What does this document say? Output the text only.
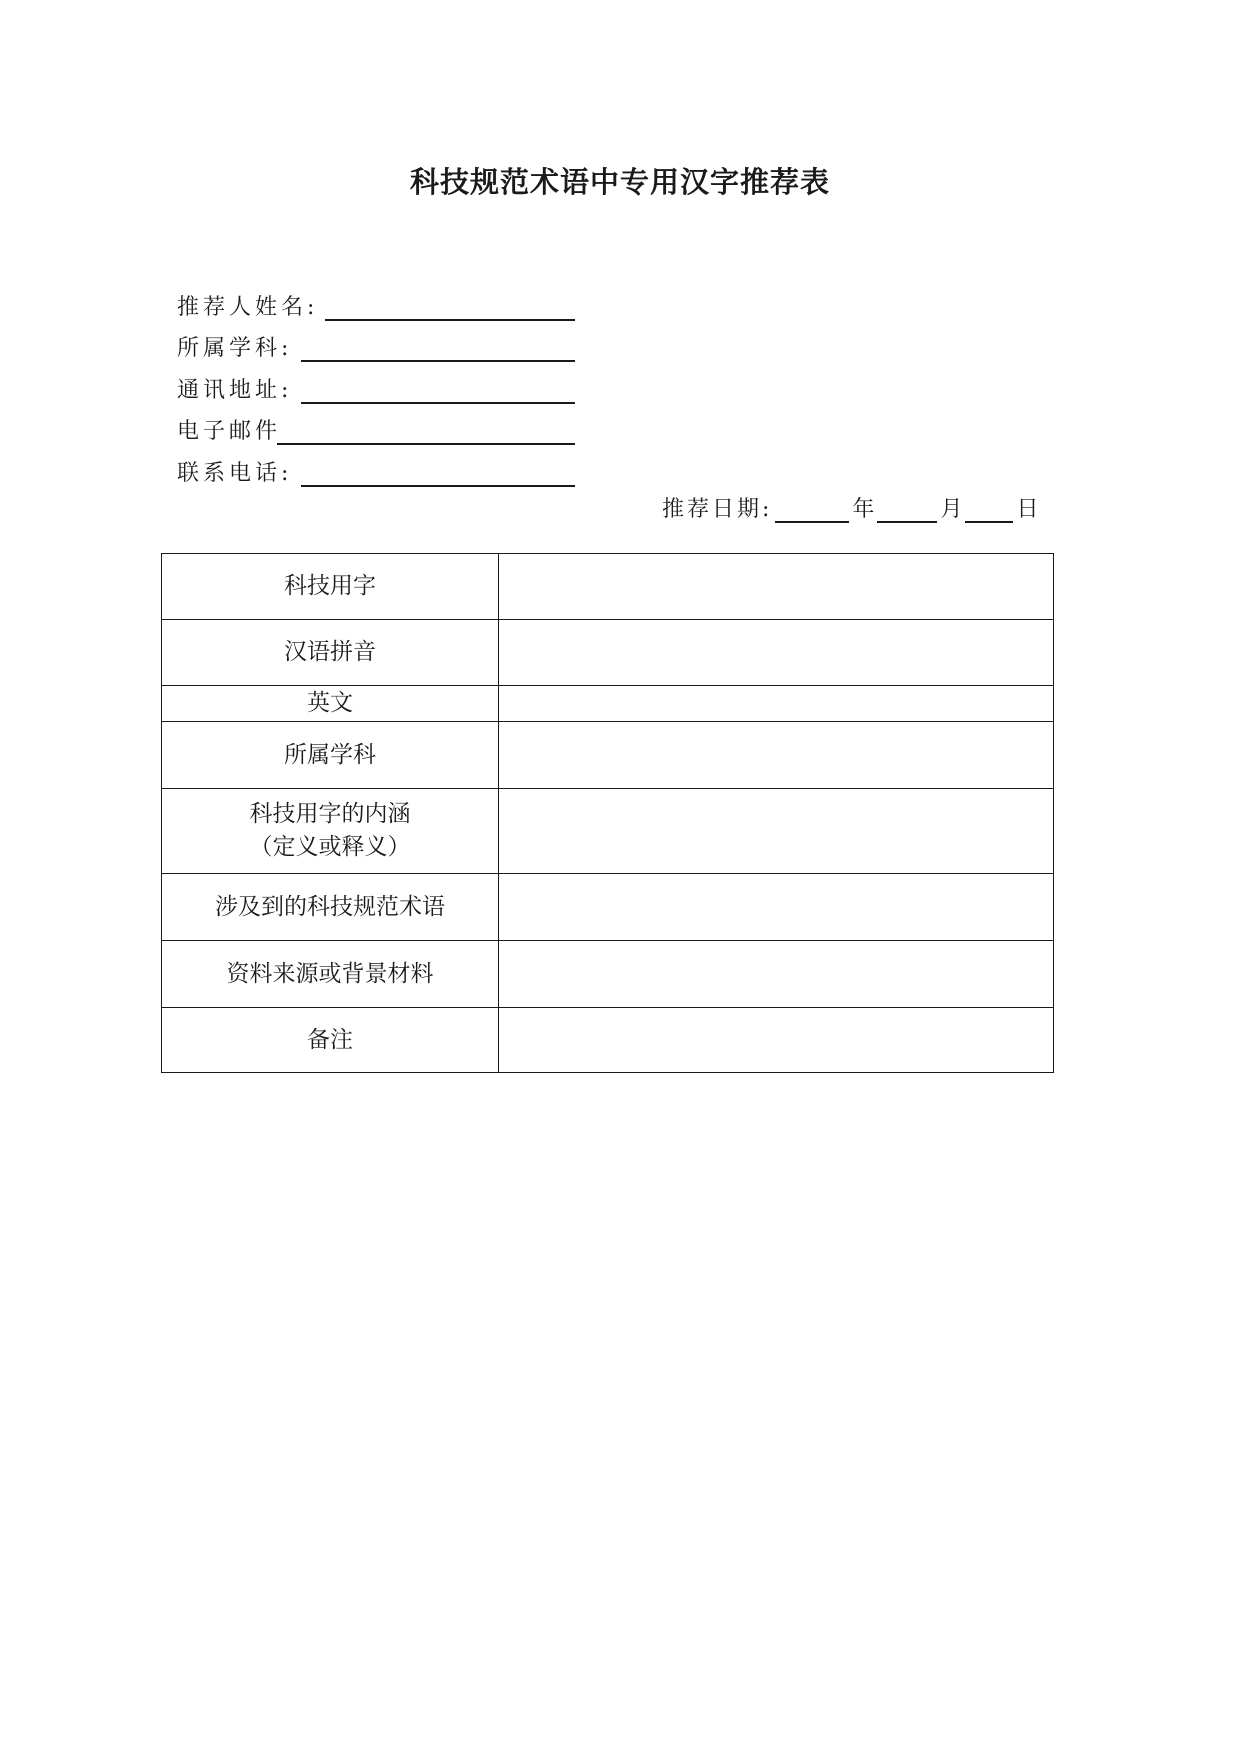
科技规范术语中专用汉字推荐表
推荐人姓名:
所属学科:
通讯地址:
电子邮件
联系电话:
推荐日期:	年	月 日
科技用字
汉语拼音
英文
所属学科
科技用字的内涵
（定义或释义）
涉及到的科技规范术语
资料来源或背景材料
备注
